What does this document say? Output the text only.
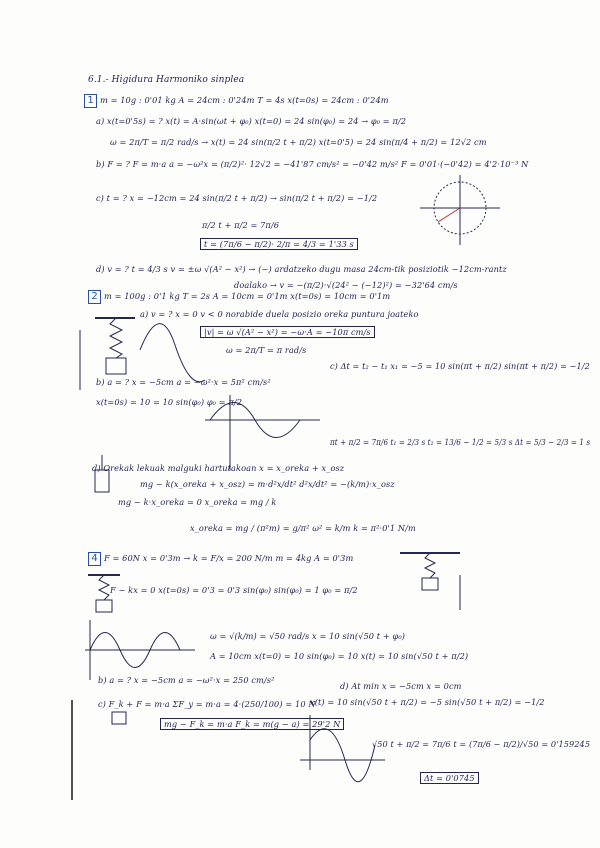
6.1.- Higidura Harmoniko sinplea
1 m = 10g : 0'01 kg A = 24cm : 0'24m T = 4s x(t=0s) = 24cm : 0'24m
a) x(t=0'5s) = ? x(t) = A·sin(ωt + φ₀) x(t=0) = 24 sin(φ₀) = 24 → φ₀ = π/2
ω = 2π/T = π/2 rad/s → x(t) = 24 sin(π/2 t + π/2) x(t=0'5) = 24 sin(π/4 + π/2) = 12√2 cm
b) F = ? F = m·a a = −ω²x = (π/2)²· 12√2 = −41'87 cm/s² = −0'42 m/s² F = 0'01·(−0'42) = 4'2·10⁻³ N
c) t = ? x = −12cm = 24 sin(π/2 t + π/2) → sin(π/2 t + π/2) = −1/2
π/2 t + π/2 = 7π/6
t = (7π/6 − π/2)· 2/π = 4/3 = 1'33 s
d) v = ? t = 4/3 s v = ±ω √(A² − x²) → (−) ardatzeko dugu masa 24cm-tik posiziotik −12cm-rantz
doalako → v = −(π/2)·√(24² − (−12)²) = −32'64 cm/s
2 m = 100g : 0'1 kg T = 2s A = 10cm = 0'1m x(t=0s) = 10cm = 0'1m
a) v = ? x = 0 v < 0 norabide duela posizio oreka puntura joateko
|v| = ω √(A² − x²) = −ω·A = −10π cm/s
ω = 2π/T = π rad/s
b) a = ? x = −5cm a = −ω²·x = 5π² cm/s²
x(t=0s) = 10 = 10 sin(φ₀) φ₀ = π/2
c) Δt = t₂ − t₁ x₁ = −5 = 10 sin(πt + π/2) sin(πt + π/2) = −1/2
πt + π/2 = 7π/6 t₁ = 2/3 s t₂ = 13/6 − 1/2 = 5/3 s Δt = 5/3 − 2/3 = 1 s
d) Orekak lekuak malguki hartutakoan x = x_oreka + x_osz
mg − k(x_oreka + x_osz) = m·d²x/dt² d²x/dt² = −(k/m)·x_osz
mg − k·x_oreka = 0 x_oreka = mg / k
x_oreka = mg / (π²m) = g/π² ω² = k/m k = π²·0'1 N/m
4 F = 60N x = 0'3m → k = F/x = 200 N/m m = 4kg A = 0'3m
F − kx = 0 x(t=0s) = 0'3 = 0'3 sin(φ₀) sin(φ₀) = 1 φ₀ = π/2
ω = √(k/m) = √50 rad/s x = 10 sin(√50 t + φ₀)
A = 10cm x(t=0) = 10 sin(φ₀) = 10 x(t) = 10 sin(√50 t + π/2)
b) a = ? x = −5cm a = −ω²·x = 250 cm/s²
c) F_k + F = m·a ΣF_y = m·a = 4·(250/100) = 10 N
mg − F_k = m·a F_k = m(g − a) = 29'2 N
d) At min x = −5cm x = 0cm
x(t) = 10 sin(√50 t + π/2) = −5 sin(√50 t + π/2) = −1/2
√50 t + π/2 = 7π/6 t = (7π/6 − π/2)/√50 = 0'159245
Δt = 0'0745
